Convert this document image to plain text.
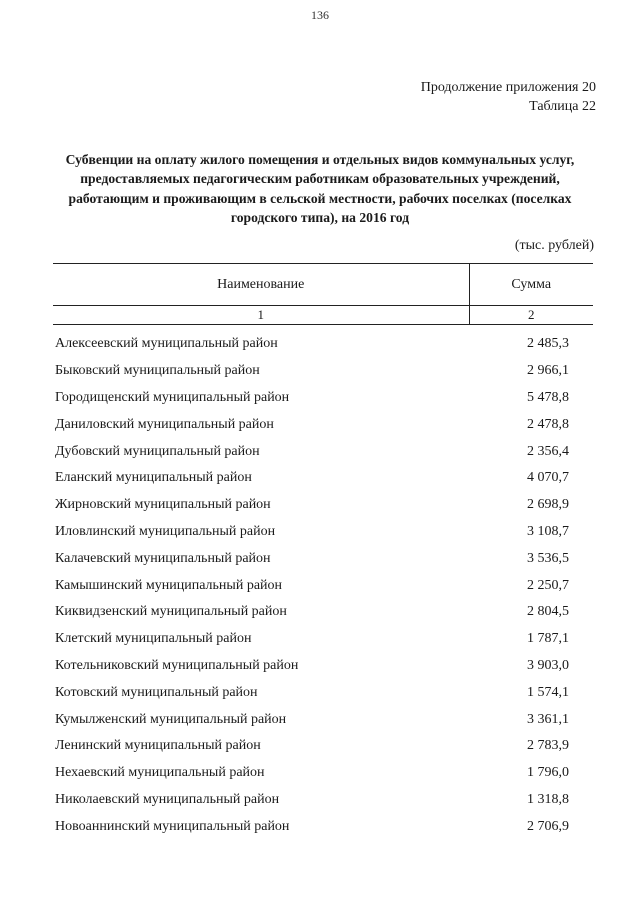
136
Продолжение приложения 20
Таблица 22
Субвенции на оплату жилого помещения и отдельных видов коммунальных услуг, предоставляемых педагогическим работникам образовательных учреждений, работающим и проживающим в сельской местности, рабочих поселках (поселках городского типа), на 2016 год
(тыс. рублей)
Наименование	Сумма
1	2
Алексеевский муниципальный район	2 485,3
Быковский муниципальный район	2 966,1
Городищенский муниципальный район	5 478,8
Даниловский муниципальный район	2 478,8
Дубовский муниципальный район	2 356,4
Еланский муниципальный район	4 070,7
Жирновский муниципальный район	2 698,9
Иловлинский муниципальный район	3 108,7
Калачевский муниципальный район	3 536,5
Камышинский муниципальный район	2 250,7
Киквидзенский муниципальный район	2 804,5
Клетский муниципальный район	1 787,1
Котельниковский муниципальный район	3 903,0
Котовский муниципальный район	1 574,1
Кумылженский муниципальный район	3 361,1
Ленинский муниципальный район	2 783,9
Нехаевский муниципальный район	1 796,0
Николаевский муниципальный район	1 318,8
Новоаннинский муниципальный район	2 706,9
